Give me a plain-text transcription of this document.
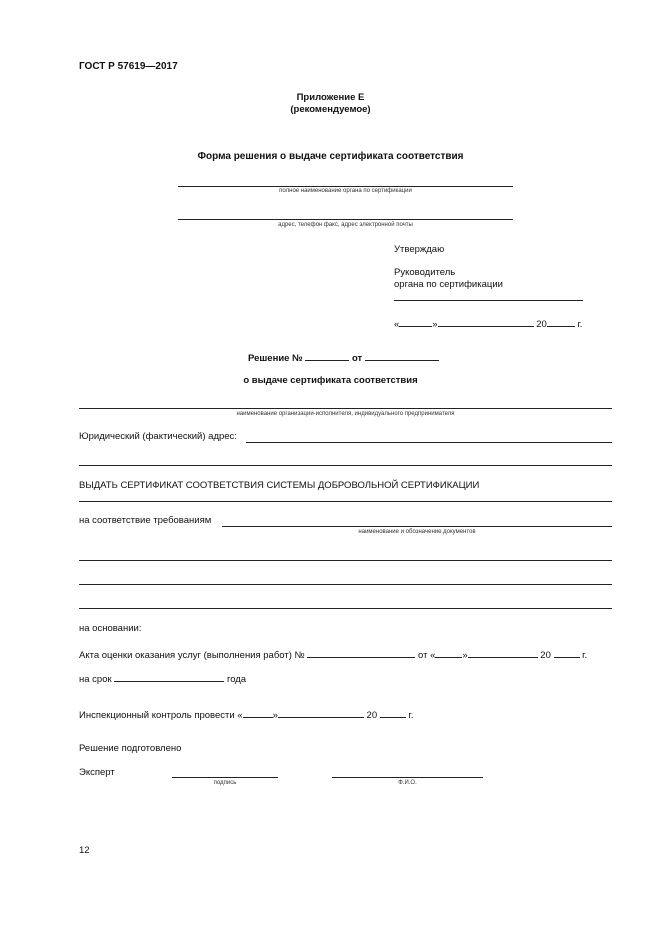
ГОСТ Р 57619—2017
Приложение Е
(рекомендуемое)
Форма решения о выдаче сертификата соответствия
полное наименование органа по сертификации
адрес, телефон факс, адрес электронной почты
Утверждаю
Руководитель
органа по сертификации
«	»	20	г.
Решение №	от
о выдаче сертификата соответствия
наименование организации-исполнителя, индивидуального предпринимателя
Юридический (фактический) адрес:
ВЫДАТЬ СЕРТИФИКАТ СООТВЕТСТВИЯ СИСТЕМЫ ДОБРОВОЛЬНОЙ СЕРТИФИКАЦИИ
на соответствие требованиям
наименование и обозначение документов
на основании:
Акта оценки оказания услуг (выполнения работ) №	от «	»	20	г.
на срок	года
Инспекционный контроль провести «	»	20	г.
Решение подготовлено
Эксперт
подпись	Ф.И.О.
12
